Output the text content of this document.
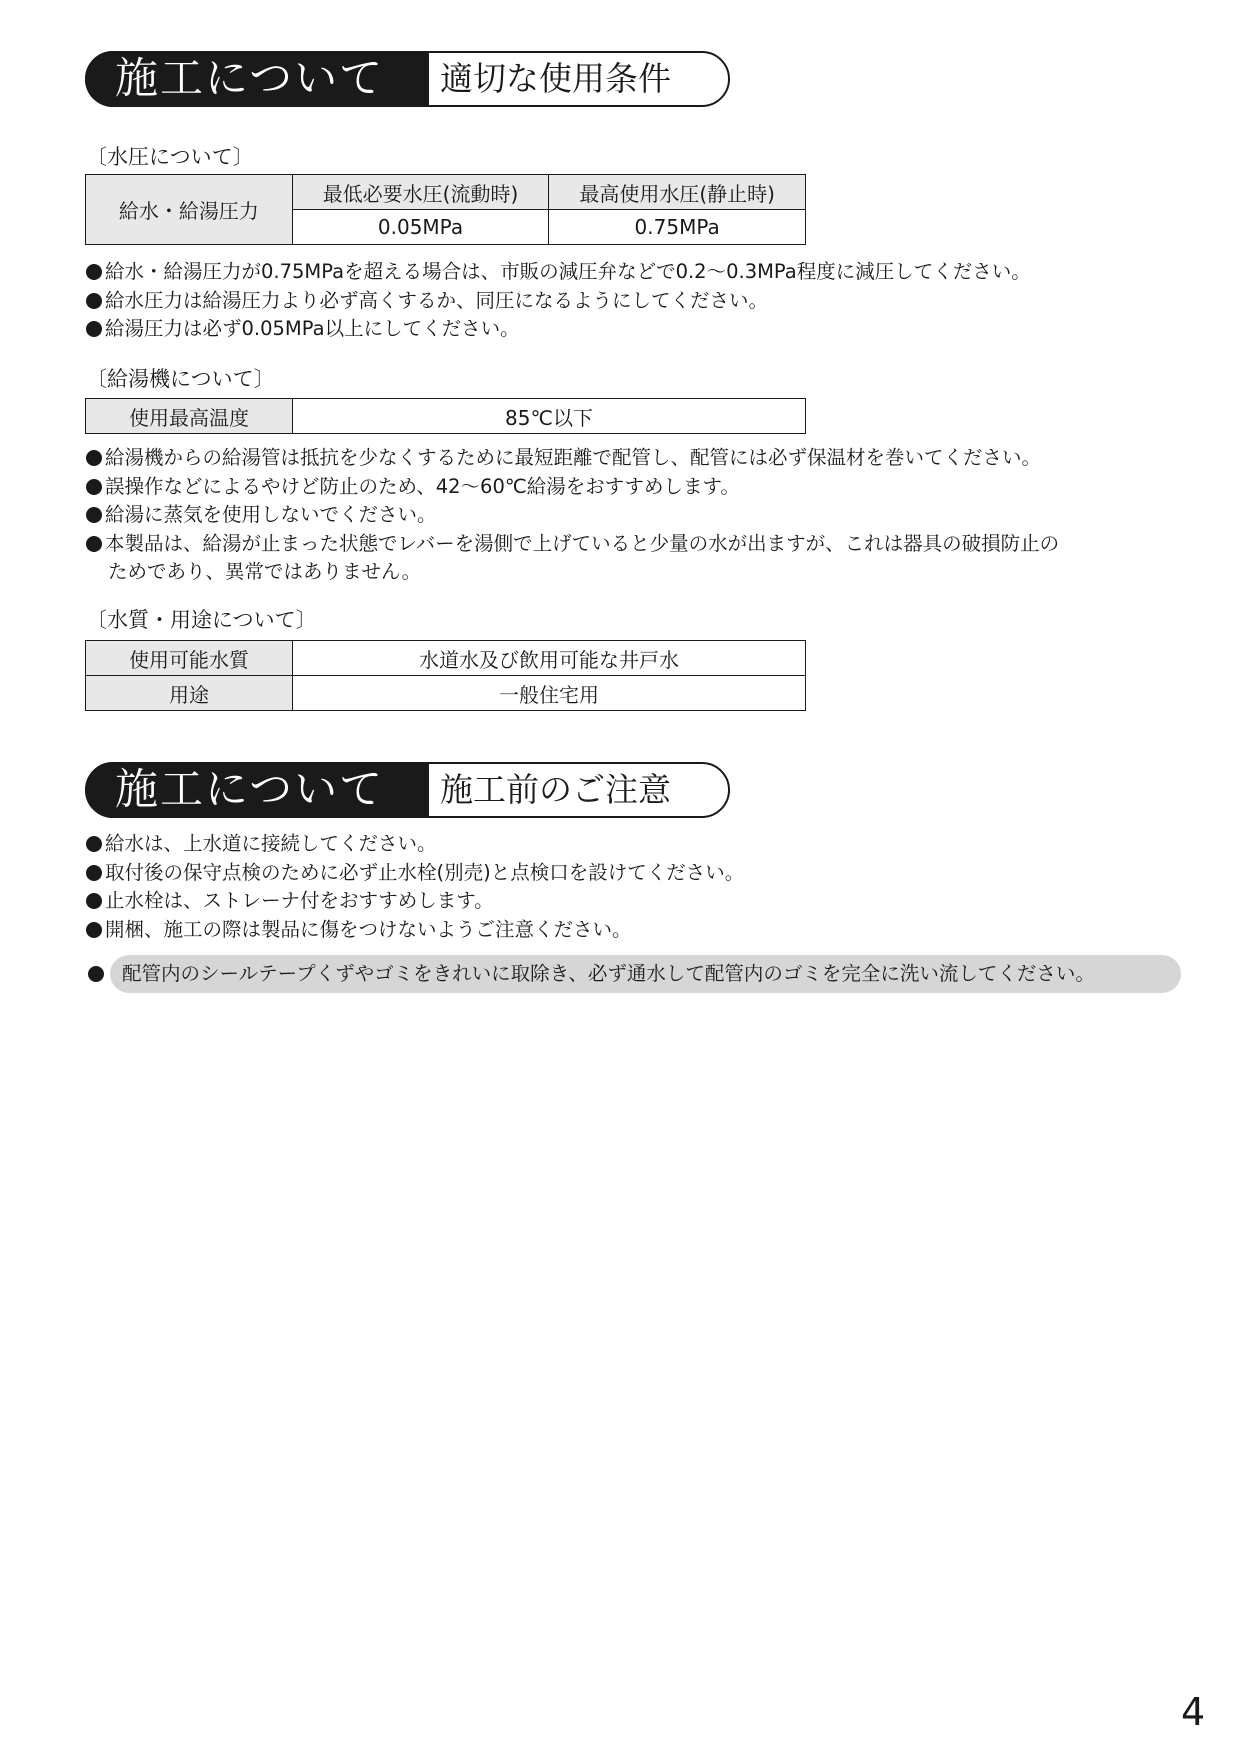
施工について	適切な使用条件
〔水圧について〕
給水・給湯圧力	最低必要水圧(流動時)	最高使用水圧(静止時)
	0.05MPa	0.75MPa
給水・給湯圧力が0.75MPaを超える場合は、市販の減圧弁などで0.2〜0.3MPa程度に減圧してください。
給水圧力は給湯圧力より必ず高くするか、同圧になるようにしてください。
給湯圧力は必ず0.05MPa以上にしてください。
〔給湯機について〕
使用最高温度	85℃以下
給湯機からの給湯管は抵抗を少なくするために最短距離で配管し、配管には必ず保温材を巻いてください。
誤操作などによるやけど防止のため、42〜60℃給湯をおすすめします。
給湯に蒸気を使用しないでください。
本製品は、給湯が止まった状態でレバーを湯側で上げていると少量の水が出ますが、これは器具の破損防止の
ためであり、異常ではありません。
〔水質・用途について〕
使用可能水質	水道水及び飲用可能な井戸水
用途	一般住宅用
施工について	施工前のご注意
給水は、上水道に接続してください。
取付後の保守点検のために必ず止水栓(別売)と点検口を設けてください。
止水栓は、ストレーナ付をおすすめします。
開梱、施工の際は製品に傷をつけないようご注意ください。
配管内のシールテープくずやゴミをきれいに取除き、必ず通水して配管内のゴミを完全に洗い流してください。
4
